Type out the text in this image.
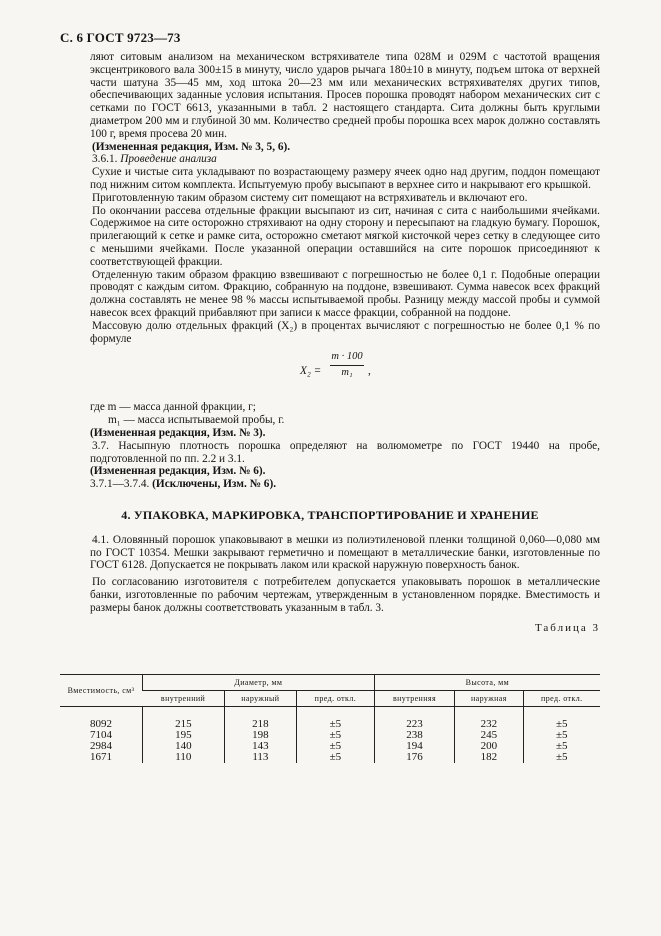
С. 6 ГОСТ 9723—73

ляют ситовым анализом на механическом встряхивателе типа 028М и 029М с частотой вращения эксцентрикового вала 300±15 в минуту, число ударов рычага 180±10 в минуту, подъем штока от верхней части шатуна 35—45 мм, ход штока 20—23 мм или механических встряхивателях других типов, обеспечивающих заданные условия испытания. Просев порошка проводят набором механических сит с сетками по ГОСТ 6613, указанными в табл. 2 настоящего стандарта. Сита должны быть круглыми диаметром 200 мм и глубиной 30 мм. Количество средней пробы порошка всех марок должно составлять 100 г, время просева 20 мин.

(Измененная редакция, Изм. № 3, 5, 6).

3.6.1. Проведение анализа

Сухие и чистые сита укладывают по возрастающему размеру ячеек одно над другим, поддон помещают под нижним ситом комплекта. Испытуемую пробу высыпают в верхнее сито и накрывают его крышкой.

Приготовленную таким образом систему сит помещают на встряхиватель и включают его.

По окончании рассева отдельные фракции высыпают из сит, начиная с сита с наибольшими ячейками. Содержимое на сите осторожно стряхивают на одну сторону и пересыпают на гладкую бумагу. Порошок, прилегающий к сетке и рамке сита, осторожно сметают мягкой кисточкой через сетку в следующее сито с меньшими ячейками. После указанной операции оставшийся на сите порошок присоединяют к соответствующей фракции.

Отделенную таким образом фракцию взвешивают с погрешностью не более 0,1 г. Подобные операции проводят с каждым ситом. Фракцию, собранную на поддоне, взвешивают. Сумма навесок всех фракций должна составлять не менее 98 % массы испытываемой пробы. Разницу между массой пробы и суммой навесок всех фракций прибавляют при записи к массе фракции, собранной на поддоне.

Массовую долю отдельных фракций (X₂) в процентах вычисляют с погрешностью не более 0,1 % по формуле

X₂ =
m · 100
m₁	,

где m — масса данной фракции, г;

m₁ — масса испытываемой пробы, г.

(Измененная редакция, Изм. № 3).

3.7. Насыпную плотность порошка определяют на волюмометре по ГОСТ 19440 на пробе, подготовленной по пп. 2.2 и 3.1.

(Измененная редакция, Изм. № 6).

3.7.1—3.7.4. (Исключены, Изм. № 6).

4. УПАКОВКА, МАРКИРОВКА, ТРАНСПОРТИРОВАНИЕ И ХРАНЕНИЕ

4.1. Оловянный порошок упаковывают в мешки из полиэтиленовой пленки толщиной 0,060—0,080 мм по ГОСТ 10354. Мешки закрывают герметично и помещают в металлические банки, изготовленные по ГОСТ 6128. Допускается не покрывать лаком или краской наружную поверхность банок.

По согласованию изготовителя с потребителем допускается упаковывать порошок в металлические банки, изготовленные по рабочим чертежам, утвержденным в установленном порядке. Вместимость и размеры банок должны соответствовать указанным в табл. 3.

Таблица 3
Вместимость, см³	Диаметр, мм			Высота, мм		
	внутренний	наружный	пред. откл.	внутренняя	наружная	пред. откл.
8092	215	218	±5	223	232	±5
7104	195	198	±5	238	245	±5
2984	140	143	±5	194	200	±5
1671	110	113	±5	176	182	±5
